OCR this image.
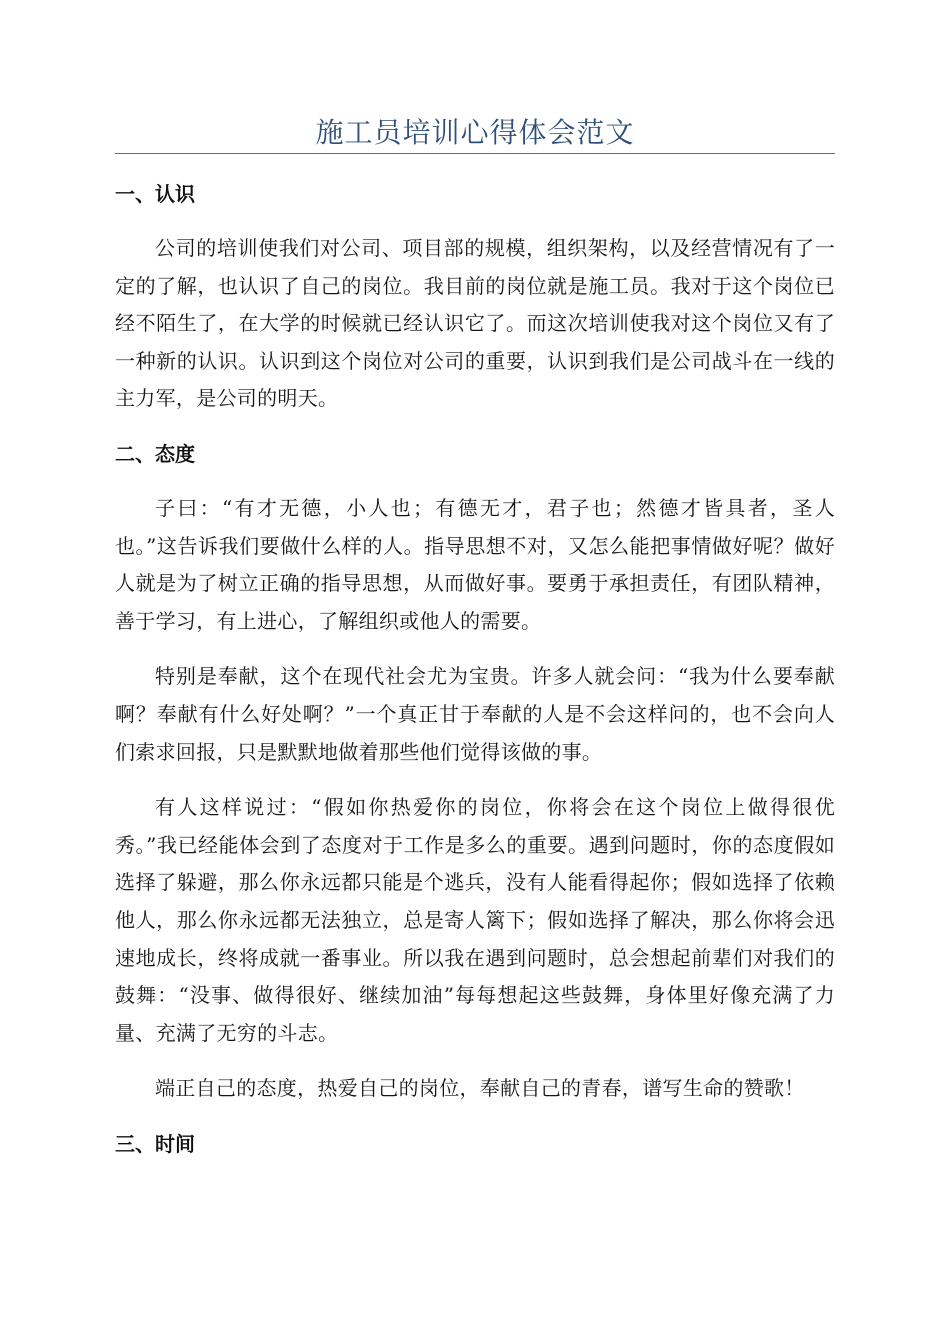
施工员培训心得体会范文
一、认识

公司的培训使我们对公司、项目部的规模，组织架构，以及经营情况有了一定的了解，也认识了自己的岗位。我目前的岗位就是施工员。我对于这个岗位已经不陌生了，在大学的时候就已经认识它了。而这次培训使我对这个岗位又有了一种新的认识。认识到这个岗位对公司的重要，认识到我们是公司战斗在一线的主力军，是公司的明天。

二、态度

子曰：“有才无德，小人也；有德无才，君子也；然德才皆具者，圣人也。”这告诉我们要做什么样的人。指导思想不对，又怎么能把事情做好呢？做好人就是为了树立正确的指导思想，从而做好事。要勇于承担责任，有团队精神，善于学习，有上进心，了解组织或他人的需要。

特别是奉献，这个在现代社会尤为宝贵。许多人就会问：“我为什么要奉献啊？奉献有什么好处啊？”一个真正甘于奉献的人是不会这样问的，也不会向人们索求回报，只是默默地做着那些他们觉得该做的事。

有人这样说过：“假如你热爱你的岗位，你将会在这个岗位上做得很优秀。”我已经能体会到了态度对于工作是多么的重要。遇到问题时，你的态度假如选择了躲避，那么你永远都只能是个逃兵，没有人能看得起你；假如选择了依赖他人，那么你永远都无法独立，总是寄人篱下；假如选择了解决，那么你将会迅速地成长，终将成就一番事业。所以我在遇到问题时，总会想起前辈们对我们的鼓舞：“没事、做得很好、继续加油”每每想起这些鼓舞，身体里好像充满了力量、充满了无穷的斗志。

端正自己的态度，热爱自己的岗位，奉献自己的青春，谱写生命的赞歌！

三、时间
